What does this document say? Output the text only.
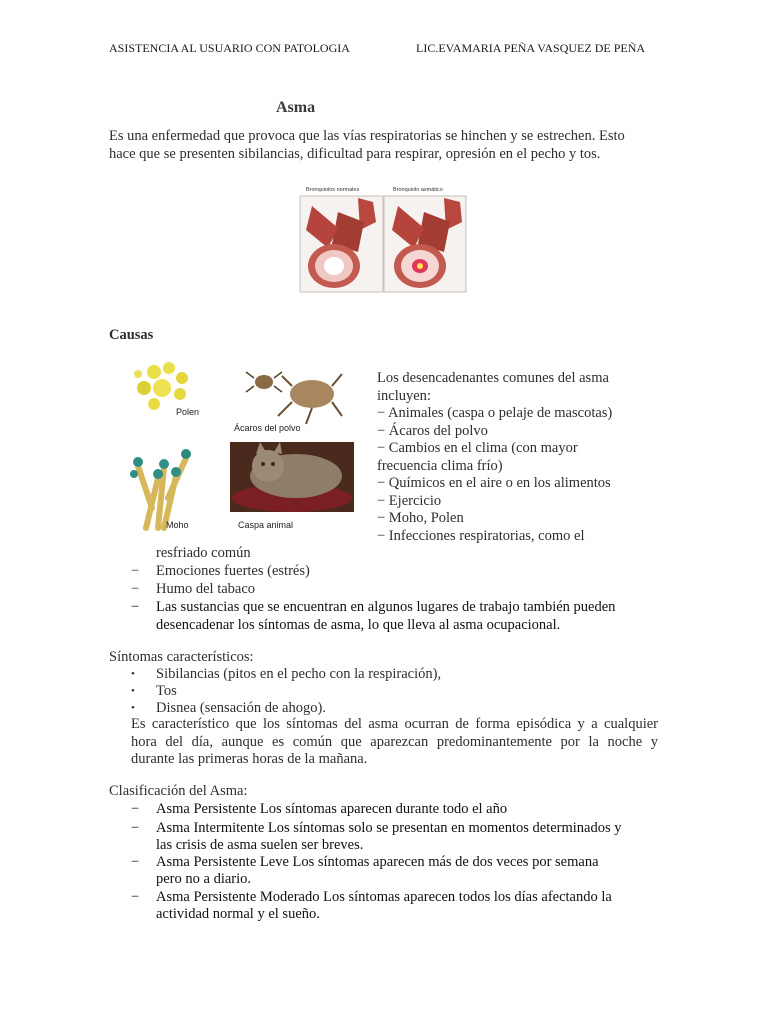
ASISTENCIA AL USUARIO CON PATOLOGIA	LIC.EVAMARIA PEÑA VASQUEZ DE PEÑA
Asma
Es una enfermedad que provoca que las vías respiratorias se hinchen y se estrechen. Esto
hace que se presenten sibilancias, dificultad para respirar, opresión en el pecho y tos.
Bronquiolos normales	Bronquiolo asmático
Causas
Polen
Ácaros del polvo
Moho	Caspa animal
Los desencadenantes comunes del asma
incluyen:
− Animales (caspa o pelaje de mascotas)
− Ácaros del polvo
− Cambios en el clima (con mayor
frecuencia clima frío)
− Químicos en el aire o en los alimentos
− Ejercicio
− Moho, Polen
− Infecciones respiratorias, como el
resfriado común
− Emociones fuertes (estrés)
− Humo del tabaco
− Las sustancias que se encuentran en algunos lugares de trabajo también pueden
desencadenar los síntomas de asma, lo que lleva al asma ocupacional.
Síntomas característicos:
• Sibilancias (pitos en el pecho con la respiración),
• Tos
• Disnea (sensación de ahogo).
Es característico que los síntomas del asma ocurran de forma episódica y a cualquier
hora del día, aunque es común que aparezcan predominantemente por la noche y
durante las primeras horas de la mañana.
Clasificación del Asma:
− Asma Persistente Los síntomas aparecen durante todo el año
− Asma Intermitente Los síntomas solo se presentan en momentos determinados y
las crisis de asma suelen ser breves.
− Asma Persistente Leve Los síntomas aparecen más de dos veces por semana
pero no a diario.
− Asma Persistente Moderado Los síntomas aparecen todos los días afectando la
actividad normal y el sueño.
